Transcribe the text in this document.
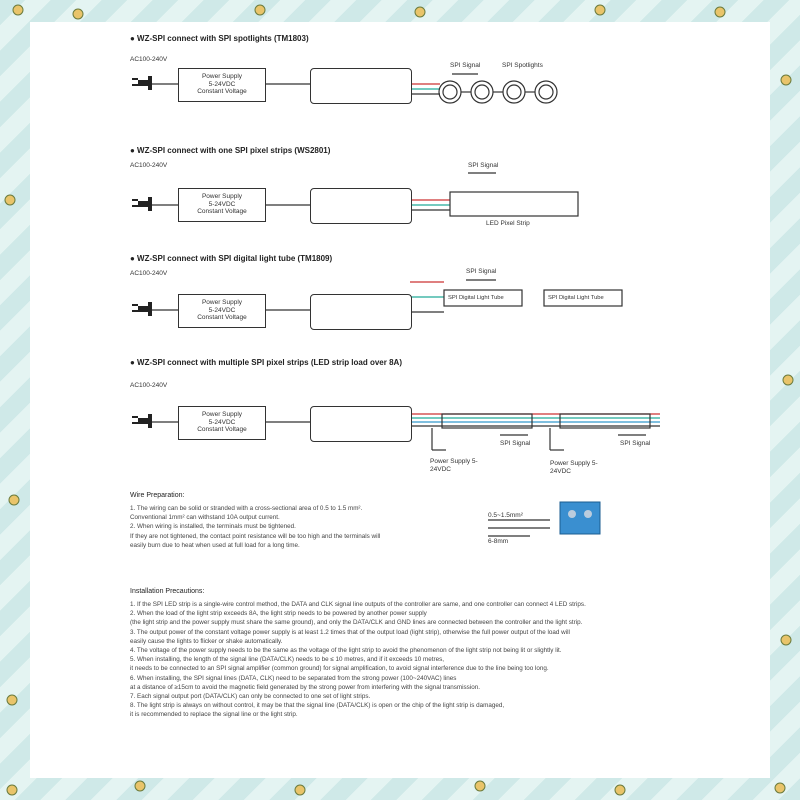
● WZ-SPI connect with SPI spotlights (TM1803)
AC100-240V
Power Supply
5-24VDC
Constant Voltage
SPI Signal	SPI Spotlights
● WZ-SPI connect with one SPI pixel strips (WS2801)
AC100-240V
Power Supply
5-24VDC
Constant Voltage
SPI Signal
LED Pixel Strip
● WZ-SPI connect with SPI digital light tube (TM1809)
AC100-240V
Power Supply
5-24VDC
Constant Voltage
SPI Signal
SPI Digital Light Tube	SPI Digital Light Tube
● WZ-SPI connect with multiple SPI pixel strips (LED strip load over 8A)
AC100-240V
Power Supply
5-24VDC
Constant Voltage
SPI Signal	SPI Signal
Power Supply 5-24VDC
Power Supply 5-24VDC
Wire Preparation:
1. The wiring can be solid or stranded with a cross-sectional area of 0.5 to 1.5 mm².
Conventional 1mm² can withstand 10A output current.
2. When wiring is installed, the terminals must be tightened.
If they are not tightened, the contact point resistance will be too high and the terminals will
easily burn due to heat when used at full load for a long time.
0.5~1.5mm²
6-8mm
Installation Precautions:
1. If the SPI LED strip is a single-wire control method, the DATA and CLK signal line outputs of the controller are same, and one controller can connect 4 LED strips.
2. When the load of the light strip exceeds 8A, the light strip needs to be powered by another power supply
(the light strip and the power supply must share the same ground), and only the DATA/CLK and GND lines are connected between the controller and the light strip.
3. The output power of the constant voltage power supply is at least 1.2 times that of the output load (light strip), otherwise the full power output of the load will
easily cause the lights to flicker or shake automatically.
4. The voltage of the power supply needs to be the same as the voltage of the light strip to avoid the phenomenon of the light strip not being lit or slightly lit.
5. When installing, the length of the signal line (DATA/CLK) needs to be ≤ 10 metres, and if it exceeds 10 metres,
it needs to be connected to an SPI signal amplifier (common ground) for signal amplification, to avoid signal interference due to the line being too long.
6. When installing, the SPI signal lines (DATA, CLK) need to be separated from the strong power (100~240VAC) lines
at a distance of ≥15cm to avoid the magnetic field generated by the strong power from interfering with the signal transmission.
7. Each signal output port (DATA/CLK) can only be connected to one set of light strips.
8. The light strip is always on without control, it may be that the signal line (DATA/CLK) is open or the chip of the light strip is damaged,
it is recommended to replace the signal line or the light strip.
